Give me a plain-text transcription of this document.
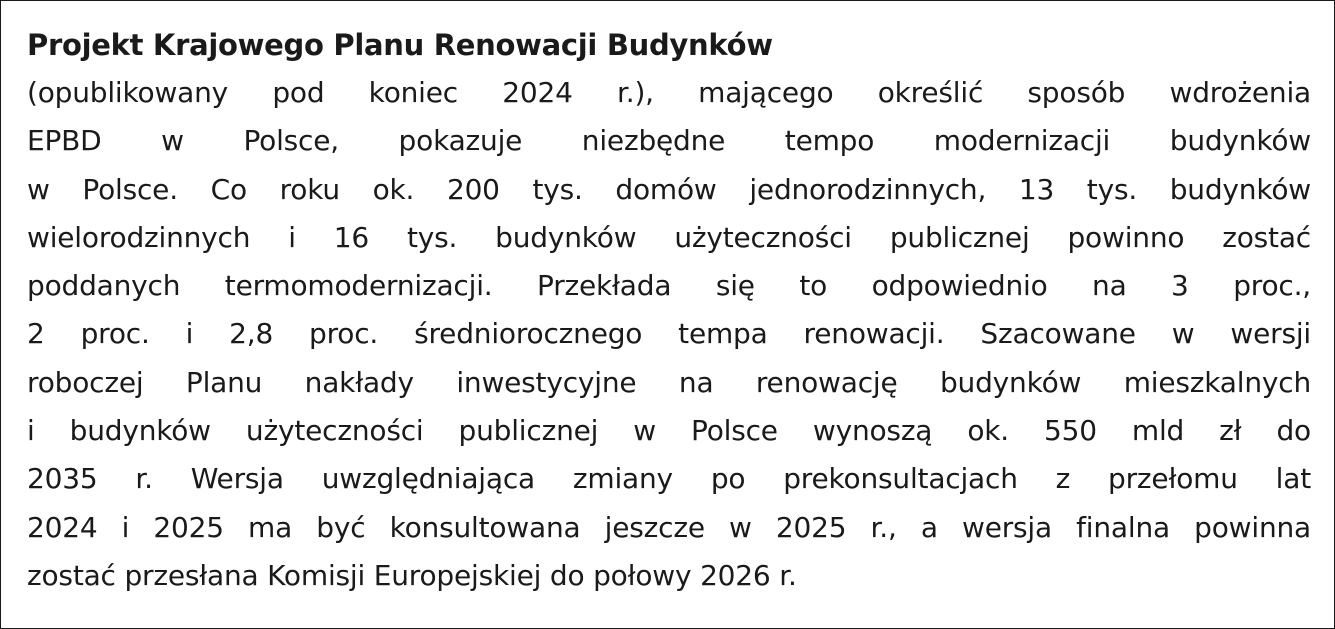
Projekt Krajowego Planu Renowacji Budynków
(opublikowany pod koniec 2024 r.), mającego określić sposób wdrożenia
EPBD w Polsce, pokazuje niezbędne tempo modernizacji budynków
w Polsce. Co roku ok. 200 tys. domów jednorodzinnych, 13 tys. budynków
wielorodzinnych i 16 tys. budynków użyteczności publicznej powinno zostać
poddanych termomodernizacji. Przekłada się to odpowiednio na 3 proc.,
2 proc. i 2,8 proc. średniorocznego tempa renowacji. Szacowane w wersji
roboczej Planu nakłady inwestycyjne na renowację budynków mieszkalnych
i budynków użyteczności publicznej w Polsce wynoszą ok. 550 mld zł do
2035 r. Wersja uwzględniająca zmiany po prekonsultacjach z przełomu lat
2024 i 2025 ma być konsultowana jeszcze w 2025 r., a wersja finalna powinna
zostać przesłana Komisji Europejskiej do połowy 2026 r.
